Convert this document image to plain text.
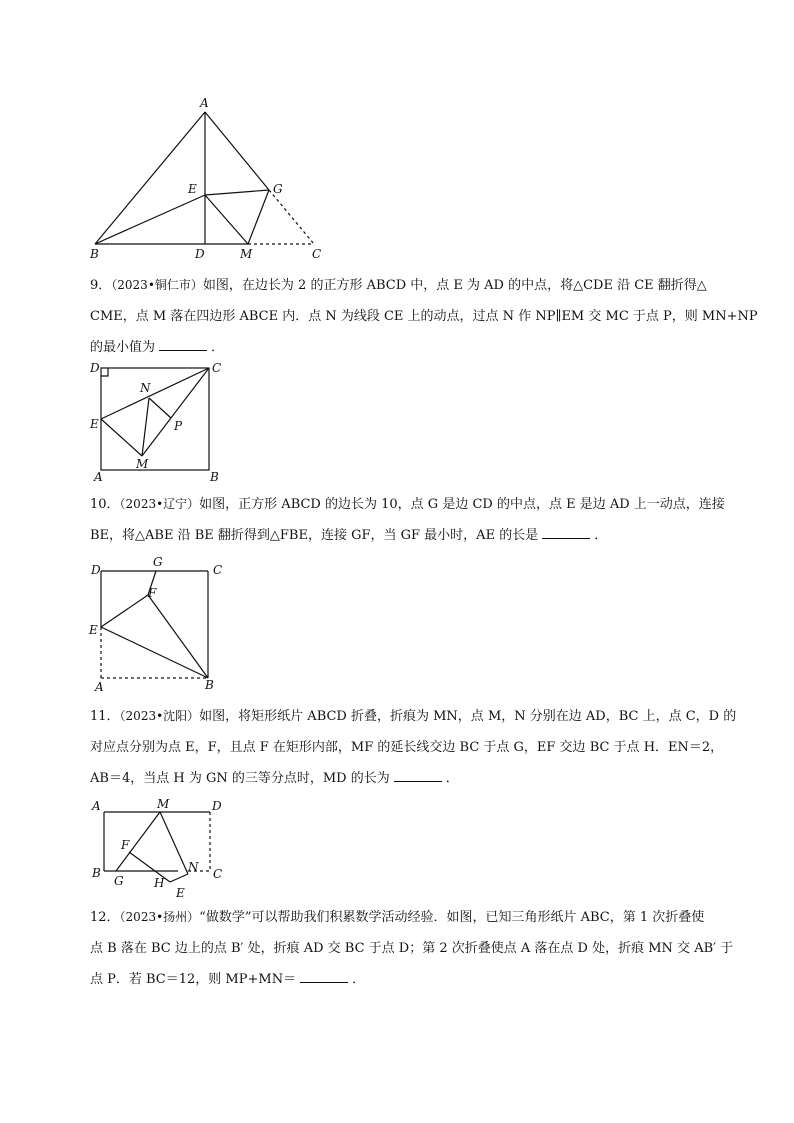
A
E	G
B	D	M	C
9．（2023•铜仁市）如图，在边长为 2 的正方形 ABCD 中，点 E 为 AD 的中点，将△CDE 沿 CE 翻折得△
CME，点 M 落在四边形 ABCE 内．点 N 为线段 CE 上的动点，过点 N 作 NP∥EM 交 MC 于点 P，则 MN+NP
的最小值为	．
D	C
N
E	P
M
A	B
10．（2023•辽宁）如图，正方形 ABCD 的边长为 10，点 G 是边 CD 的中点，点 E 是边 AD 上一动点，连接
BE，将△ABE 沿 BE 翻折得到△FBE，连接 GF，当 GF 最小时，AE 的长是	．
G
D	C
F
E
A	B
11．（2023•沈阳）如图，将矩形纸片 ABCD 折叠，折痕为 MN，点 M，N 分别在边 AD，BC 上，点 C，D 的
对应点分别为点 E，F，且点 F 在矩形内部，MF 的延长线交边 BC 于点 G，EF 交边 BC 于点 H．EN＝2，
AB＝4，当点 H 为 GN 的三等分点时，MD 的长为	．
A	M	D
F
N
B	C
G	H
E
12．（2023•扬州）“做数学”可以帮助我们积累数学活动经验．如图，已知三角形纸片 ABC，第 1 次折叠使
点 B 落在 BC 边上的点 B′ 处，折痕 AD 交 BC 于点 D；第 2 次折叠使点 A 落在点 D 处，折痕 MN 交 AB′ 于
点 P．若 BC＝12，则 MP+MN＝	．
